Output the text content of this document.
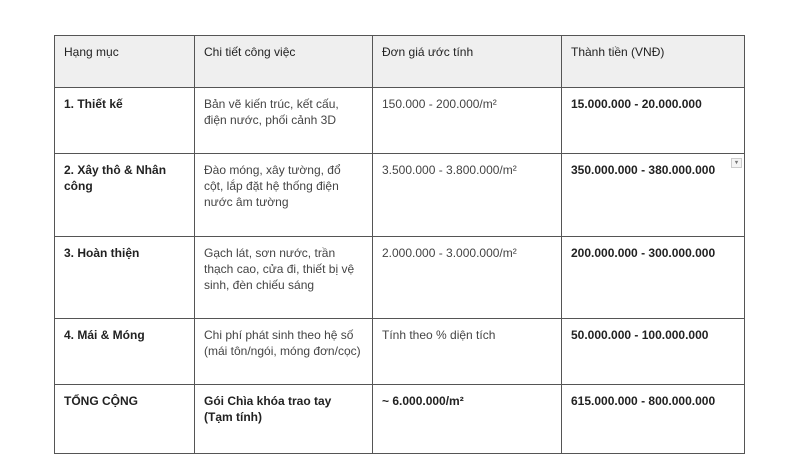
Hạng mục	Chi tiết công việc	Đơn giá ước tính	Thành tiền (VNĐ)
1. Thiết kế	Bản vẽ kiến trúc, kết cấu, điện nước, phối cảnh 3D	150.000 - 200.000/m²	15.000.000 - 20.000.000
2. Xây thô & Nhân công	Đào móng, xây tường, đổ cột, lắp đặt hệ thống điện nước âm tường	3.500.000 - 3.800.000/m²	350.000.000 - 380.000.000 ▾

3. Hoàn thiện	Gạch lát, sơn nước, trần thạch cao, cửa đi, thiết bị vệ sinh, đèn chiếu sáng	2.000.000 - 3.000.000/m²	200.000.000 - 300.000.000
4. Mái & Móng	Chi phí phát sinh theo hệ số (mái tôn/ngói, móng đơn/cọc)	Tính theo % diện tích	50.000.000 - 100.000.000
TỔNG CỘNG	Gói Chìa khóa trao tay (Tạm tính)	~ 6.000.000/m²	615.000.000 - 800.000.000
